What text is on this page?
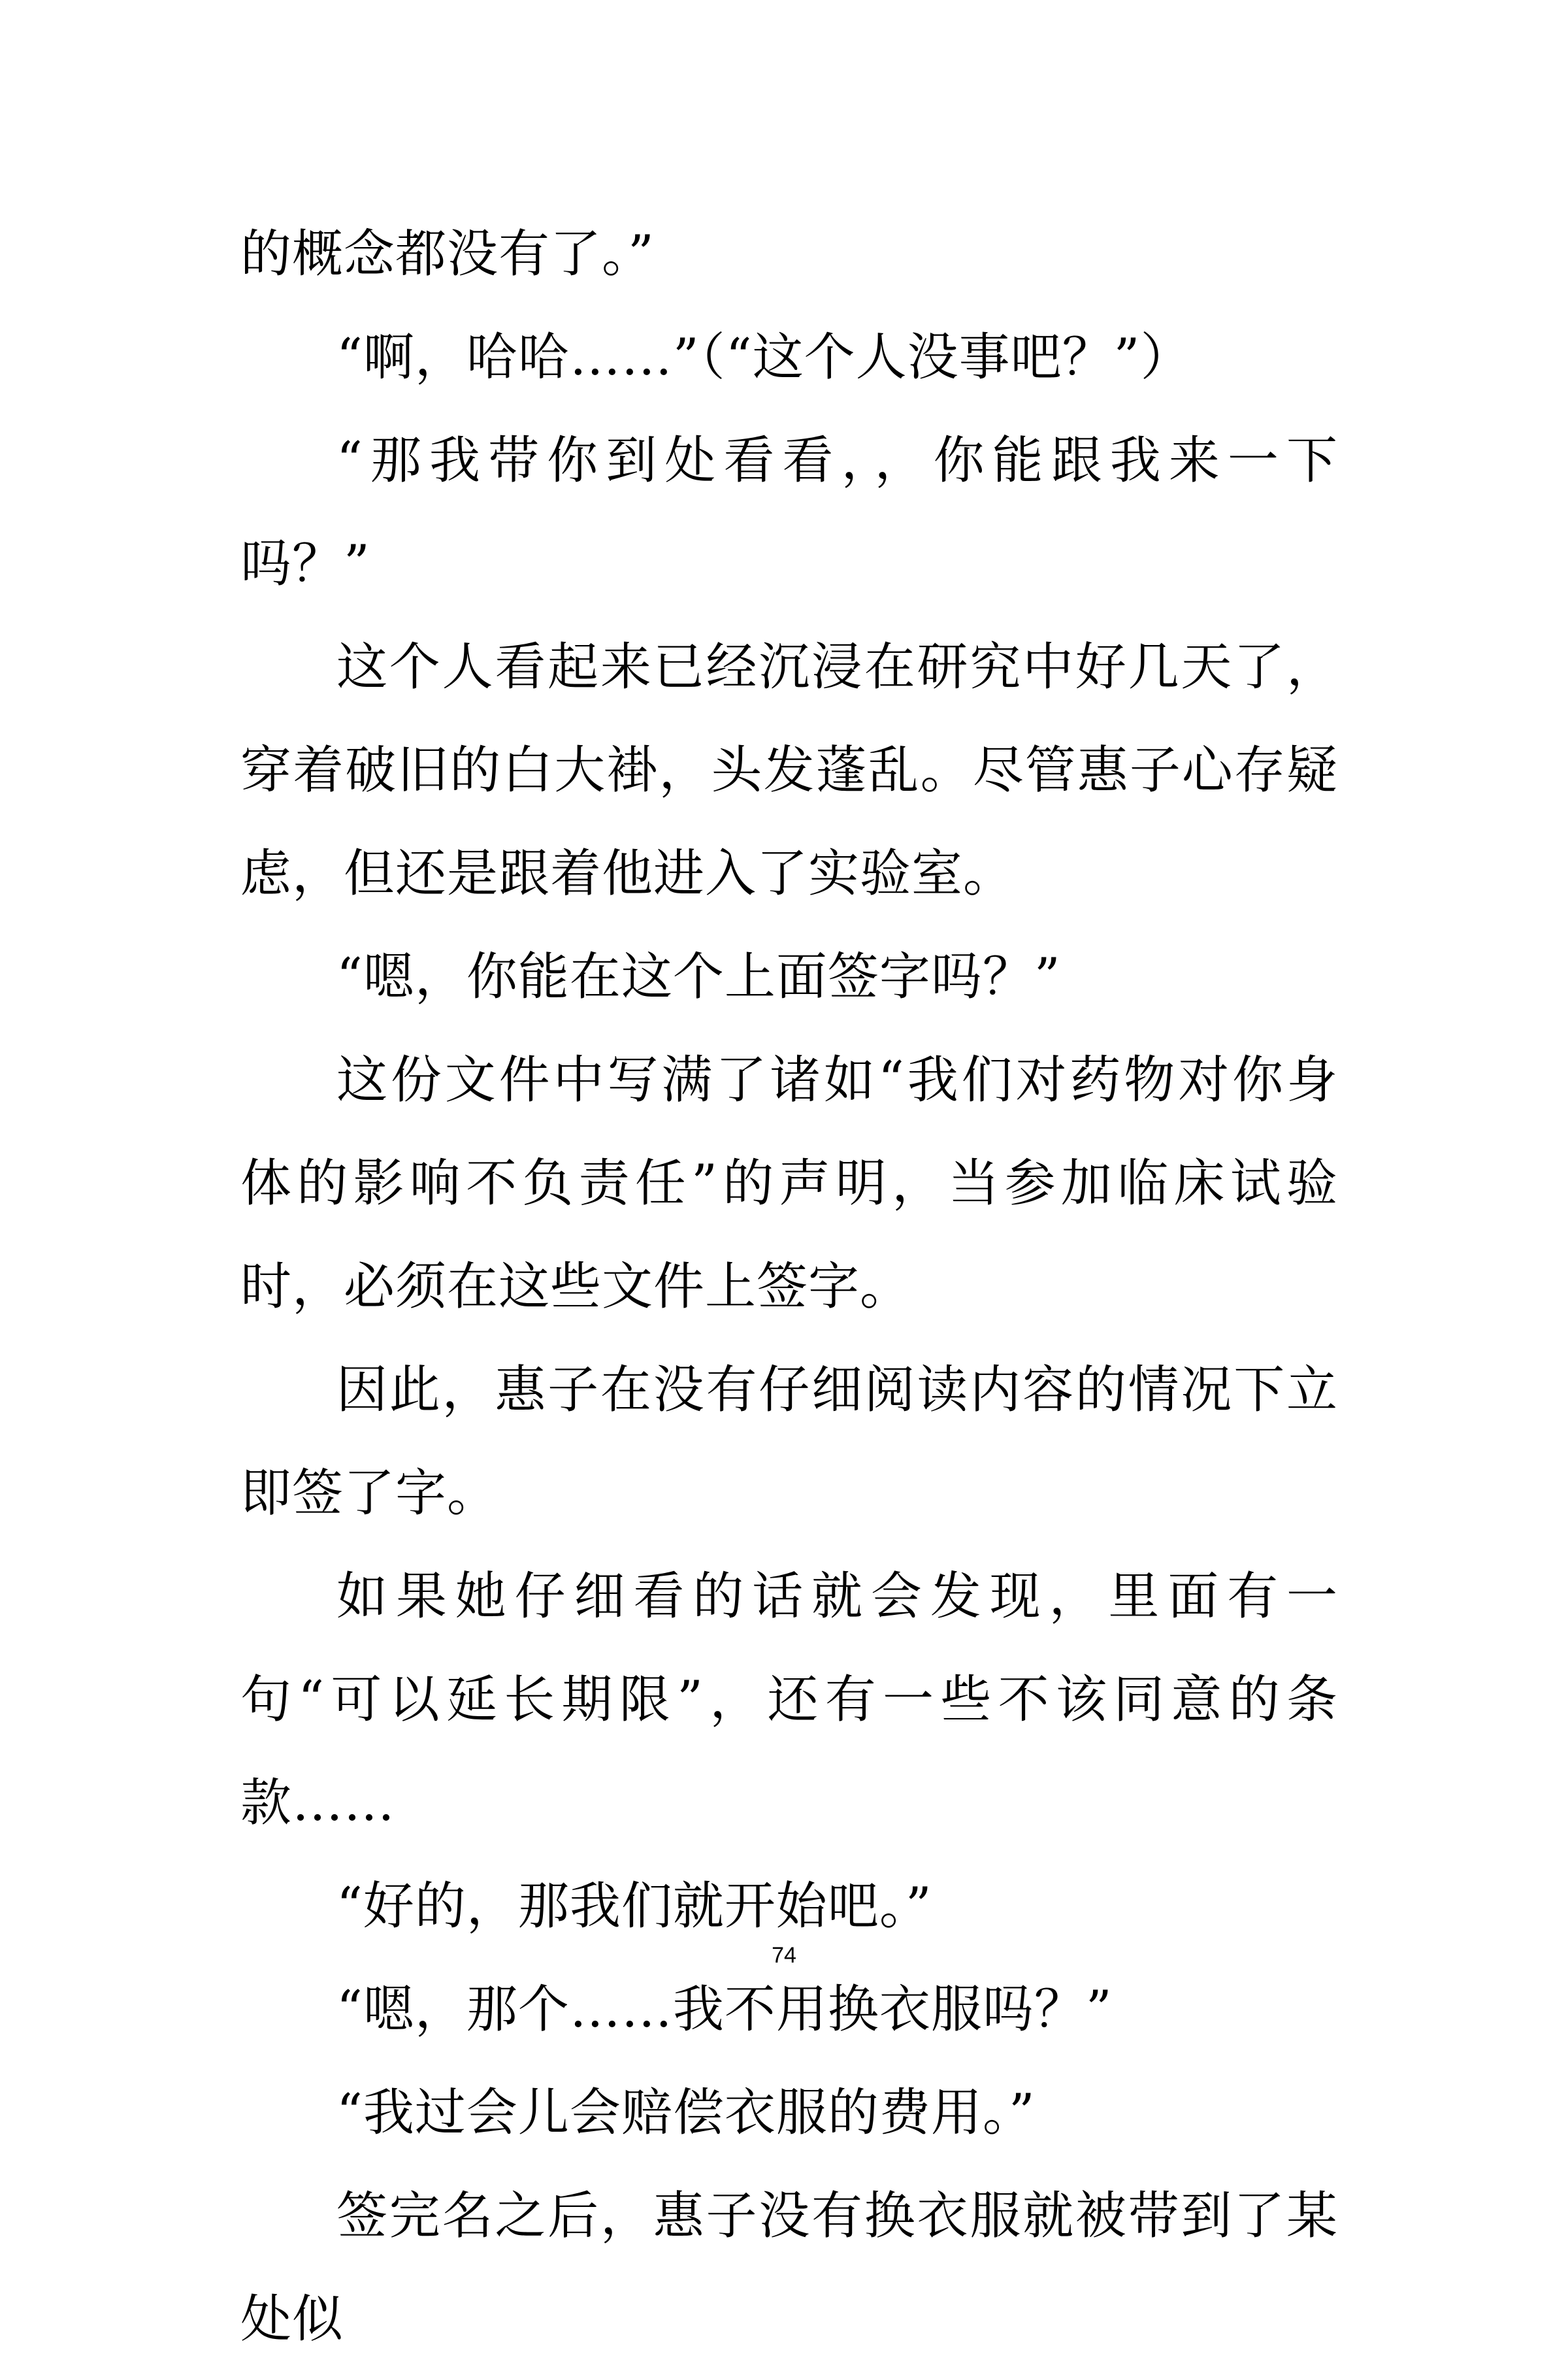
的概念都没有了。”

“啊，哈哈……”（“这个人没事吧？”）

“那我带你到处看看，，你能跟我来一下吗？”

这个人看起来已经沉浸在研究中好几天了，穿着破旧的白大褂，头发蓬乱。尽管惠子心存疑虑，但还是跟着他进入了实验室。

“嗯，你能在这个上面签字吗？”

这份文件中写满了诸如“我们对药物对你身体的影响不负责任”的声明，当参加临床试验时，必须在这些文件上签字。

因此，惠子在没有仔细阅读内容的情况下立即签了字。

如果她仔细看的话就会发现，里面有一句“可以延长期限”，还有一些不该同意的条款……

“好的，那我们就开始吧。”

“嗯，那个……我不用换衣服吗？”

“我过会儿会赔偿衣服的费用。”

签完名之后，惠子没有换衣服就被带到了某处似

74
